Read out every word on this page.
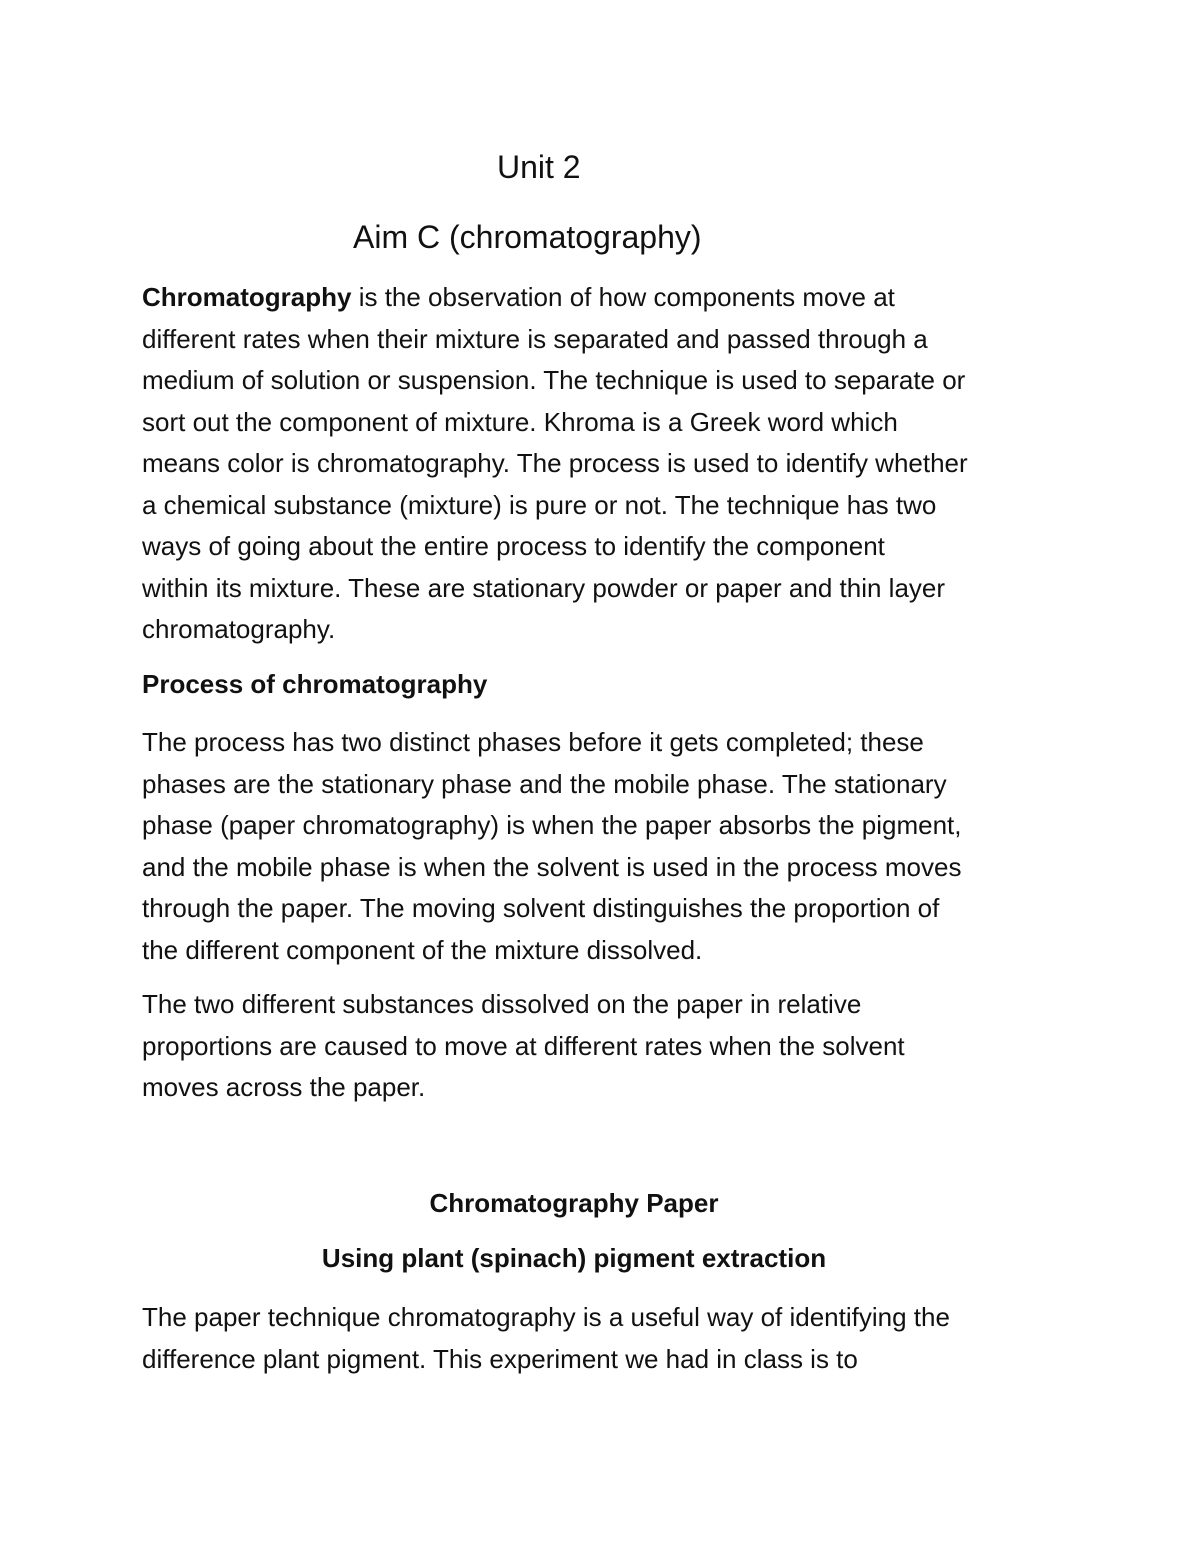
Unit 2
Aim C (chromatography)
Chromatography is the observation of how components move at
different rates when their mixture is separated and passed through a
medium of solution or suspension. The technique is used to separate or
sort out the component of mixture. Khroma is a Greek word which
means color is chromatography. The process is used to identify whether
a chemical substance (mixture) is pure or not. The technique has two
ways of going about the entire process to identify the component
within its mixture. These are stationary powder or paper and thin layer
chromatography.
Process of chromatography
The process has two distinct phases before it gets completed; these
phases are the stationary phase and the mobile phase. The stationary
phase (paper chromatography) is when the paper absorbs the pigment,
and the mobile phase is when the solvent is used in the process moves
through the paper. The moving solvent distinguishes the proportion of
the different component of the mixture dissolved.
The two different substances dissolved on the paper in relative
proportions are caused to move at different rates when the solvent
moves across the paper.
Chromatography Paper
Using plant (spinach) pigment extraction
The paper technique chromatography is a useful way of identifying the
difference plant pigment. This experiment we had in class is to
